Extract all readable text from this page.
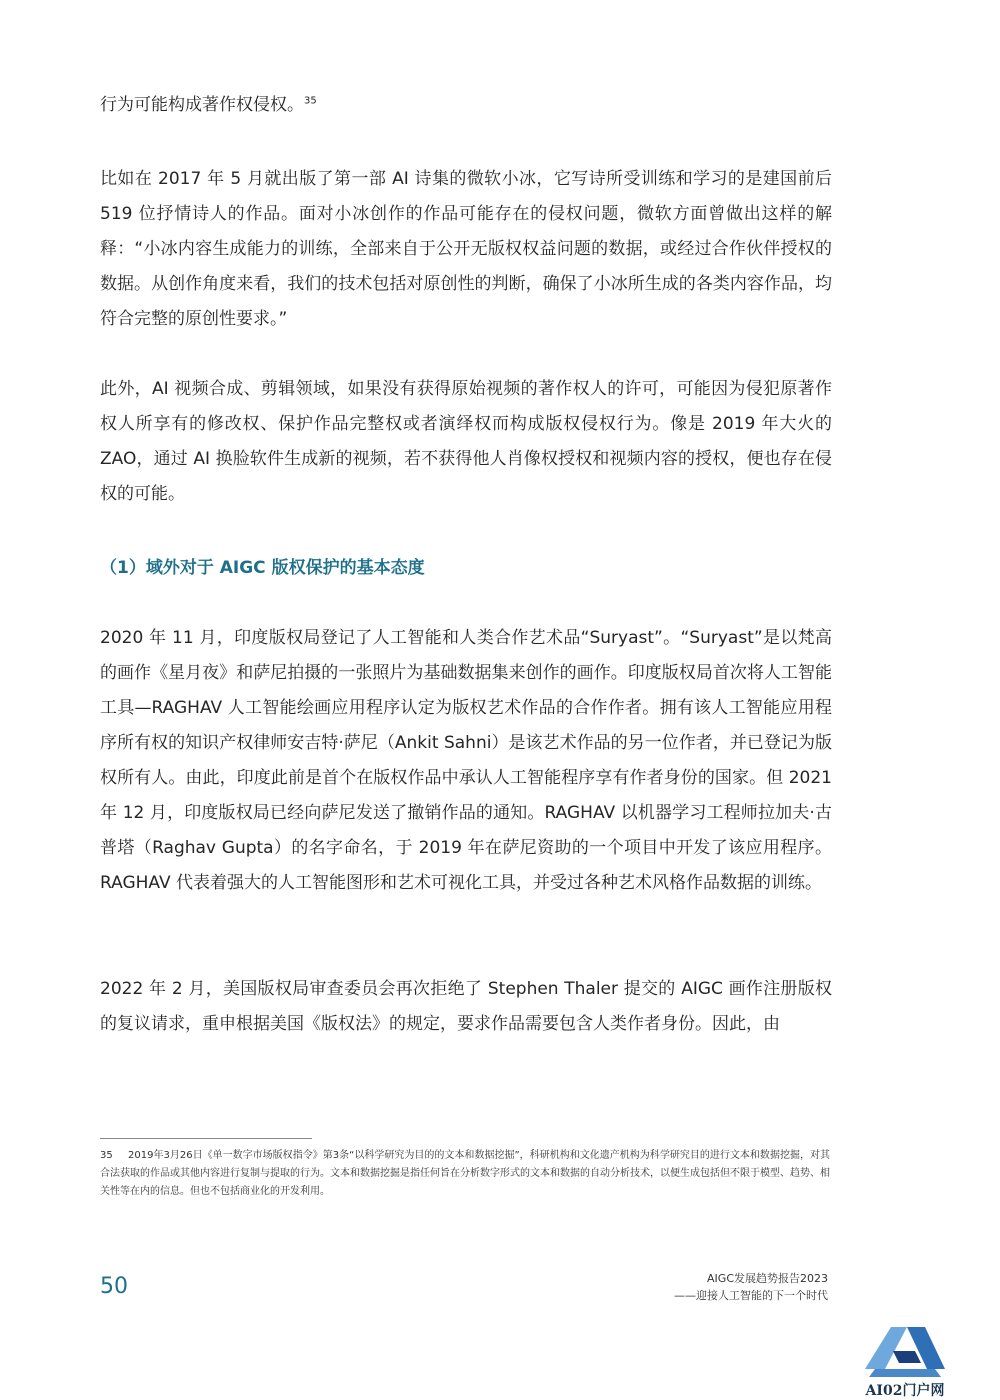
行为可能构成著作权侵权。$^{35}$

比如在 2017 年 5 月就出版了第一部 AI 诗集的微软小冰，它写诗所受训练和学习的是建国前后 519 位抒情诗人的作品。面对小冰创作的作品可能存在的侵权问题，微软方面曾做出这样的解释：“小冰内容生成能力的训练，全部来自于公开无版权权益问题的数据，或经过合作伙伴授权的数据。从创作角度来看，我们的技术包括对原创性的判断，确保了小冰所生成的各类内容作品，均符合完整的原创性要求。”

此外，AI 视频合成、剪辑领域，如果没有获得原始视频的著作权人的许可，可能因为侵犯原著作权人所享有的修改权、保护作品完整权或者演绎权而构成版权侵权行为。像是 2019 年大火的 ZAO，通过 AI 换脸软件生成新的视频，若不获得他人肖像权授权和视频内容的授权，便也存在侵权的可能。

（1）域外对于 AIGC 版权保护的基本态度

2020 年 11 月，印度版权局登记了人工智能和人类合作艺术品“Suryast”。“Suryast”是以梵高的画作《星月夜》和萨尼拍摄的一张照片为基础数据集来创作的画作。印度版权局首次将人工智能工具—RAGHAV 人工智能绘画应用程序认定为版权艺术作品的合作作者。拥有该人工智能应用程序所有权的知识产权律师安吉特·萨尼（Ankit Sahni）是该艺术作品的另一位作者，并已登记为版权所有人。由此，印度此前是首个在版权作品中承认人工智能程序享有作者身份的国家。但 2021 年 12 月，印度版权局已经向萨尼发送了撤销作品的通知。RAGHAV 以机器学习工程师拉加夫·古普塔（Raghav Gupta）的名字命名，于 2019 年在萨尼资助的一个项目中开发了该应用程序。RAGHAV 代表着强大的人工智能图形和艺术可视化工具，并受过各种艺术风格作品数据的训练。

2022 年 2 月，美国版权局审查委员会再次拒绝了 Stephen Thaler 提交的 AIGC 画作注册版权的复议请求，重申根据美国《版权法》的规定，要求作品需要包含人类作者身份。因此，由

35 2019年3月26日《单一数字市场版权指令》第3条“以科学研究为目的的文本和数据挖掘”，科研机构和文化遗产机构为科学研究目的进行文本和数据挖掘，对其合法获取的作品或其他内容进行复制与提取的行为。文本和数据挖掘是指任何旨在分析数字形式的文本和数据的自动分析技术，以便生成包括但不限于模型、趋势、相关性等在内的信息。但也不包括商业化的开发利用。

50	AIGC发展趋势报告2023
——迎接人工智能的下一个时代
AI02门户网
